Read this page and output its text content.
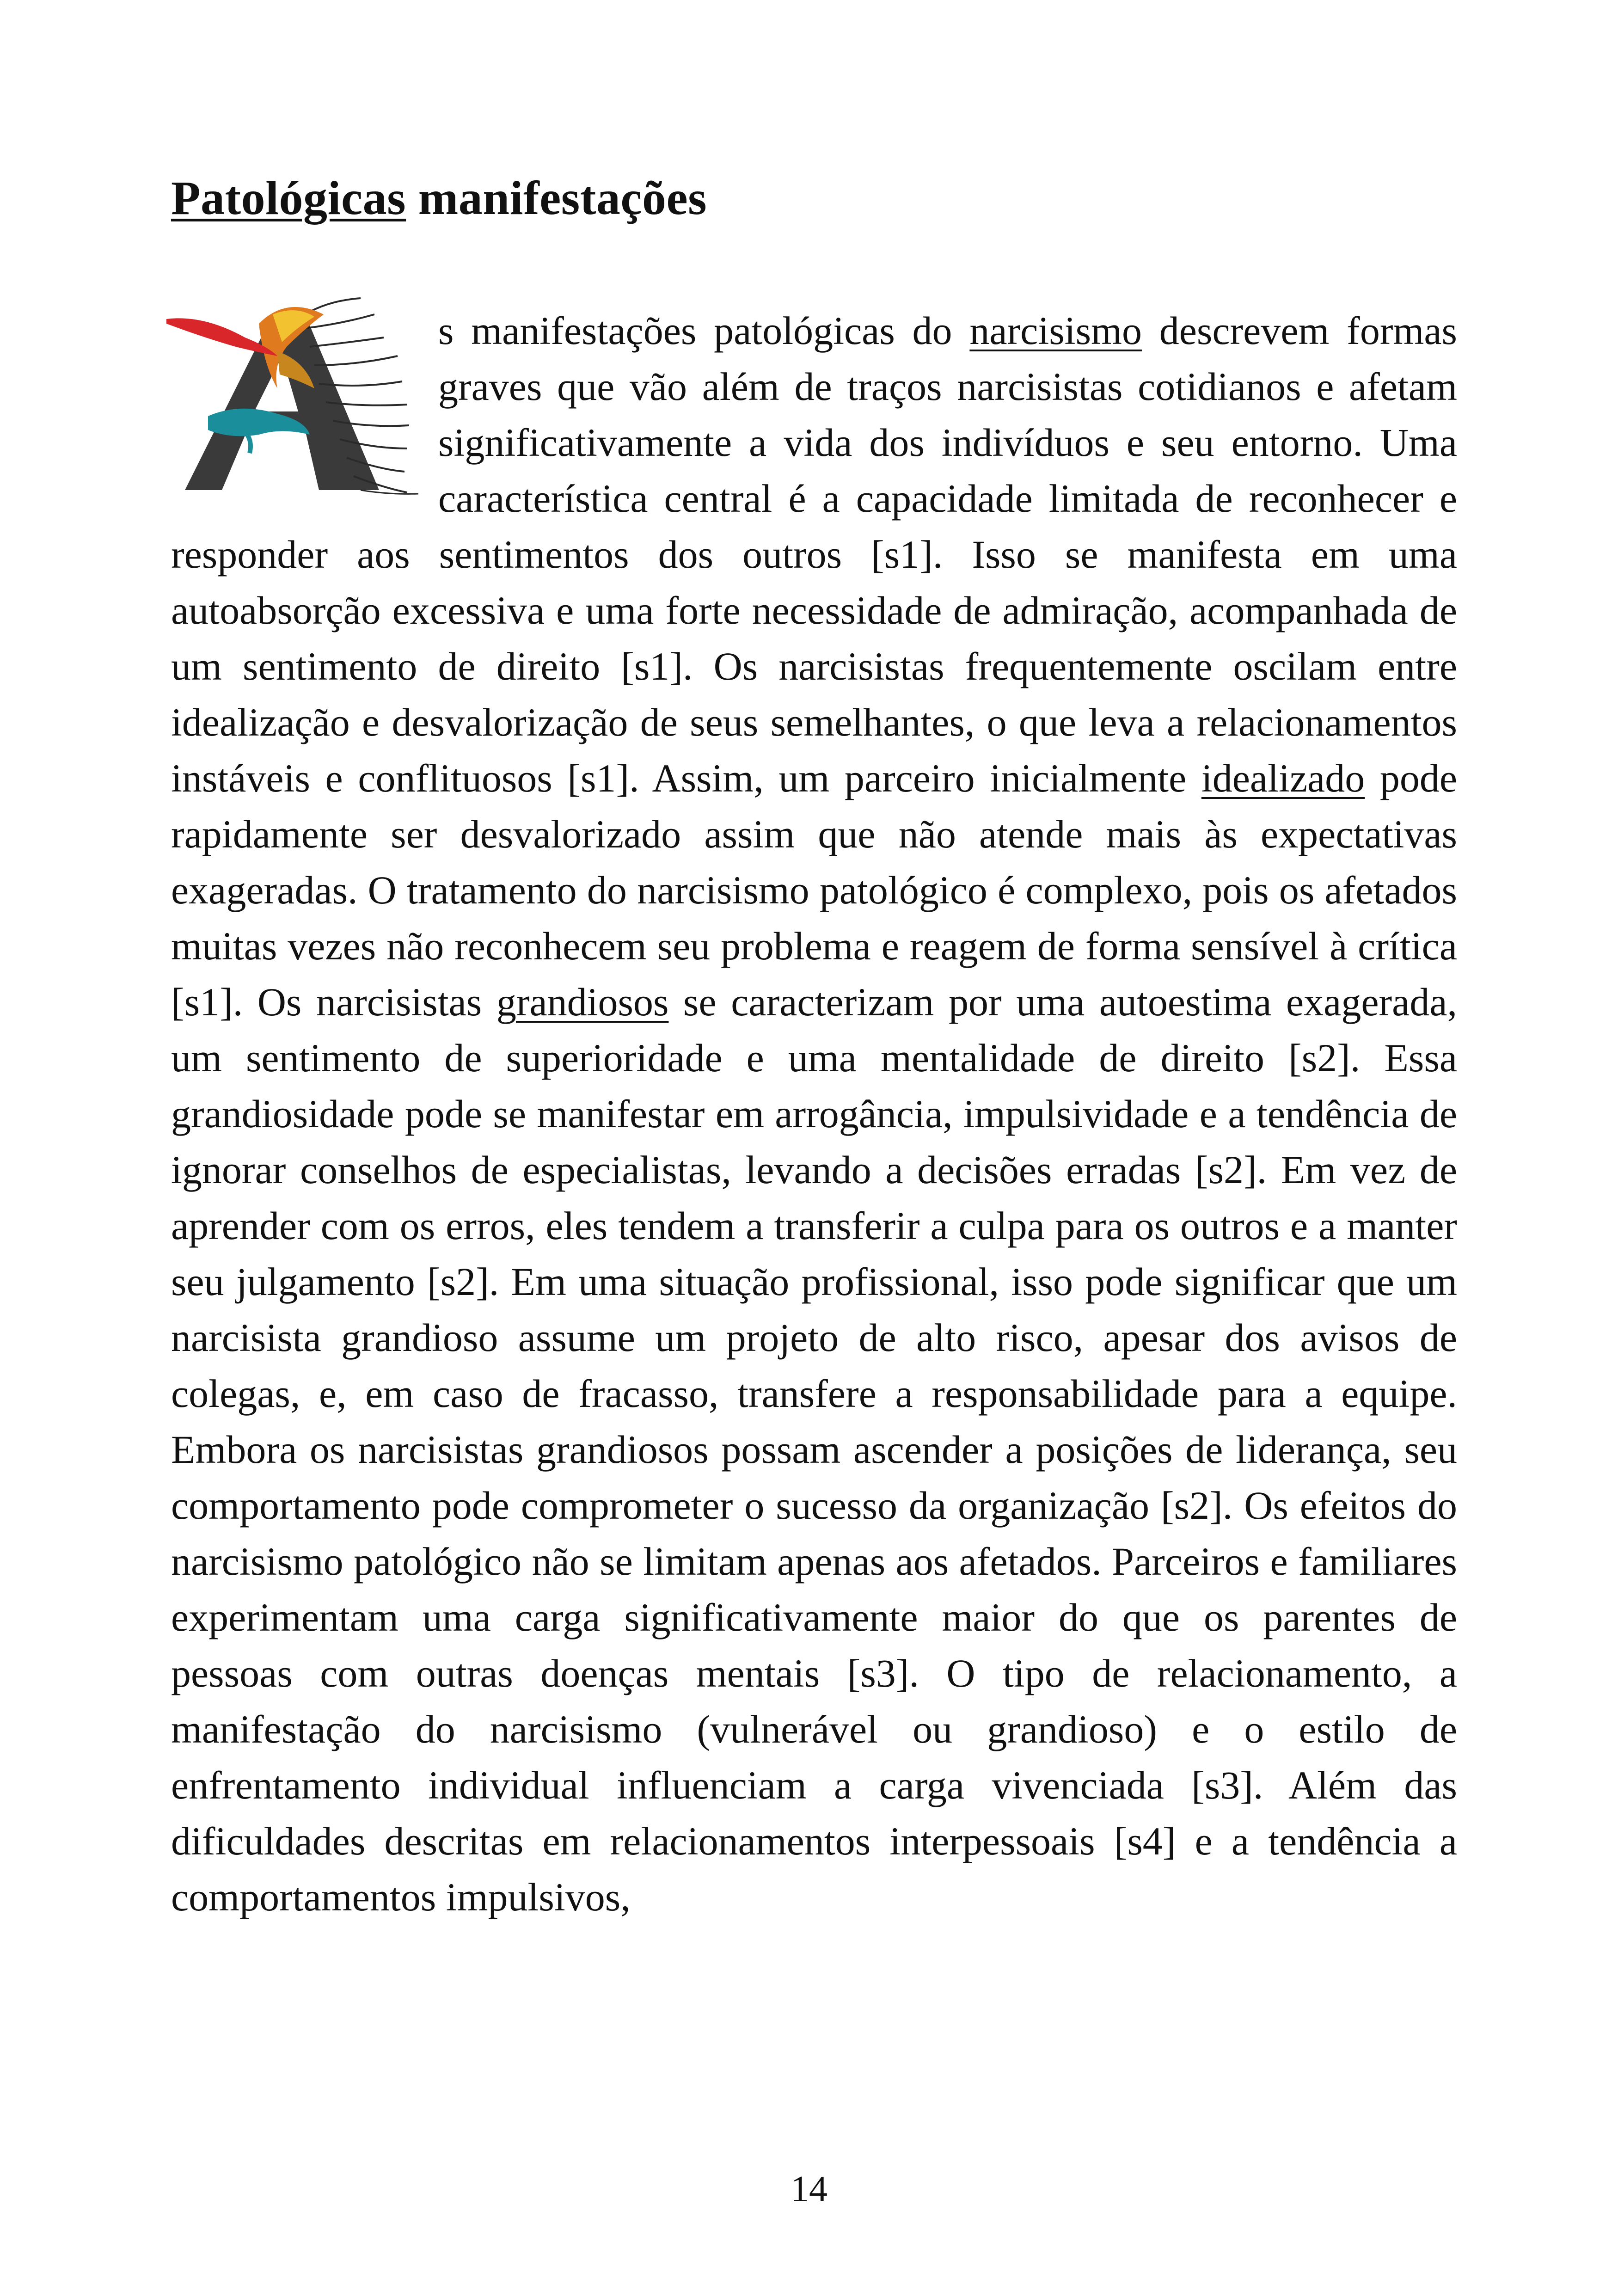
Patológicas manifestações

s manifestações patológicas do narcisismo descrevem formas graves que vão além de traços narcisistas cotidianos e afetam significativamente a vida dos indivíduos e seu entorno. Uma característica central é a capacidade limitada de reconhecer e responder aos sentimentos dos outros [s1]. Isso se manifesta em uma autoabsorção excessiva e uma forte necessidade de admiração, acompanhada de um sentimento de direito [s1]. Os narcisistas frequentemente oscilam entre idealização e desvalorização de seus semelhantes, o que leva a relacionamentos instáveis e conflituosos [s1]. Assim, um parceiro inicialmente idealizado pode rapidamente ser desvalorizado assim que não atende mais às expectativas exageradas. O tratamento do narcisismo patológico é complexo, pois os afetados muitas vezes não reconhecem seu problema e reagem de forma sensível à crítica [s1]. Os narcisistas grandiosos se caracterizam por uma autoestima exagerada, um sentimento de superioridade e uma mentalidade de direito [s2]. Essa grandiosidade pode se manifestar em arrogância, impulsividade e a tendência de ignorar conselhos de especialistas, levando a decisões erradas [s2]. Em vez de aprender com os erros, eles tendem a transferir a culpa para os outros e a manter seu julgamento [s2]. Em uma situação profissional, isso pode significar que um narcisista grandioso assume um projeto de alto risco, apesar dos avisos de colegas, e, em caso de fracasso, transfere a responsabilidade para a equipe. Embora os narcisistas grandiosos possam ascender a posições de liderança, seu comportamento pode comprometer o sucesso da organização [s2]. Os efeitos do narcisismo patológico não se limitam apenas aos afetados. Parceiros e familiares experimentam uma carga significativamente maior do que os parentes de pessoas com outras doenças mentais [s3]. O tipo de relacionamento, a manifestação do narcisismo (vulnerável ou grandioso) e o estilo de enfrentamento individual influenciam a carga vivenciada [s3]. Além das dificuldades descritas em relacionamentos interpessoais [s4] e a tendência a comportamentos impulsivos,

14
